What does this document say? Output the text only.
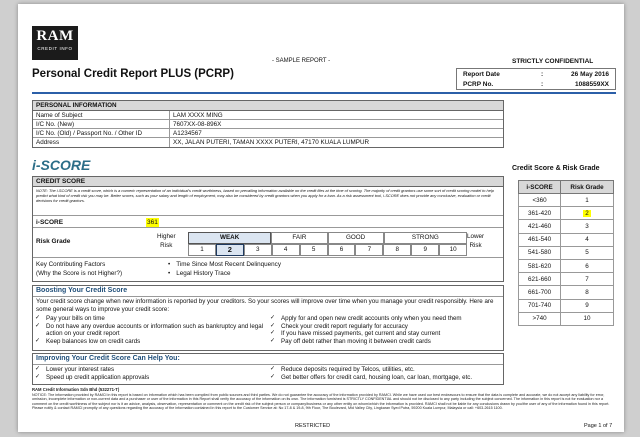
RAM
CREDIT INFO
Personal Credit Report PLUS (PCRP)
- SAMPLE REPORT -	STRICTLY CONFIDENTIAL
Report Date	:	26 May 2016
PCRP No.	:	1088559XX
PERSONAL INFORMATION
Name of Subject	LAM XXXX MING
I/C No. (New)	7607XX-08-896X
I/C No. (Old) / Passport No. / Other ID	A1234567
Address	XX, JALAN PUTERI, TAMAN XXXX PUTERI, 47170 KUALA LUMPUR
i-SCORE
CREDIT SCORE
NOTE: The i-SCORE is a credit score, which is a numeric representation of an individual's credit worthiness, based on prevailing information available on the credit files at the time of scoring. The majority of credit grantors use some sort of credit scoring model to help predict what kind of credit risk you may be. Better scores, such as your salary and length of employment, may also be considered by credit grantors when you apply for a loan. As a risk assessment tool, i-SCORE does not provide any conclusive, evaluation or credit decisions for credit grantors.
i-SCORE	361
Risk Grade
Higher
Risk
WEAK	FAIR	GOOD	STRONG
1	2	3	4	5	6	7	8	9	10
Lower
Risk
Key Contributing Factors
(Why the Score is not Higher?)
• Time Since Most Recent Delinquency
• Legal History Trace
Boosting Your Credit Score
Your credit score change when new information is reported by your creditors. So your scores will improve over time when you manage your credit responsibly. Here are some general ways to improve your credit score:
✓ Pay your bills on time
✓ Do not have any overdue accounts or information such as bankruptcy and legal action on your credit report
✓ Keep balances low on credit cards
✓ Apply for and open new credit accounts only when you need them
✓ Check your credit report regularly for accuracy
✓ If you have missed payments, get current and stay current
✓ Pay off debt rather than moving it between credit cards
Improving Your Credit Score Can Help You:
✓ Lower your interest rates
✓ Speed up credit application approvals
✓ Reduce deposits required by Telcos, utilities, etc.
✓ Get better offers for credit card, housing loan, car loan, mortgage, etc.
Credit Score & Risk Grade
i-SCORE	Risk Grade
<360	1
361-420	2
421-460	3
461-540	4
541-580	5
581-620	6
621-660	7
661-700	8
701-740	9
>740	10
RAM Credit Information Sdn Bhd (532271-T)
NOTICE: The information provided by RAMCI in this report is based on information which has been compiled from public sources and third parties. We do not guarantee the accuracy of the information provided by RAMCI. While we have used our best endeavours to ensure that the data is complete and accurate, we do not accept any liability for error, omission, incomplete information or non-current data and a purchaser or user of the information in this Report shall verify the accuracy of the information on its own. The information furnished is STRICTLY CONFIDENTIAL and should not be disclosed to any party including the subject concerned. The information in this report is not for evaluation nor a comment on the credit worthiness of the subject nor is it an advice, analysis, observation, representation or comment on the credit risk of the subject person or company/business or any other entity on whom/which the information is provided. RAMCI shall not be liable for any conclusions drawn by you/the user of any of the information found in this report. Please notify & contact RAMCI promptly of any questions regarding the accuracy of the information contained in this report to the Customer Service at: No 17-8 & 19-8, 9th Floor, The Boulevard, Mid Valley City, Lingkaran Syed Putra, 59200 Kuala Lumpur, Malaysia or call: +603-2615 1100.
RESTRICTED	Page 1 of 7
